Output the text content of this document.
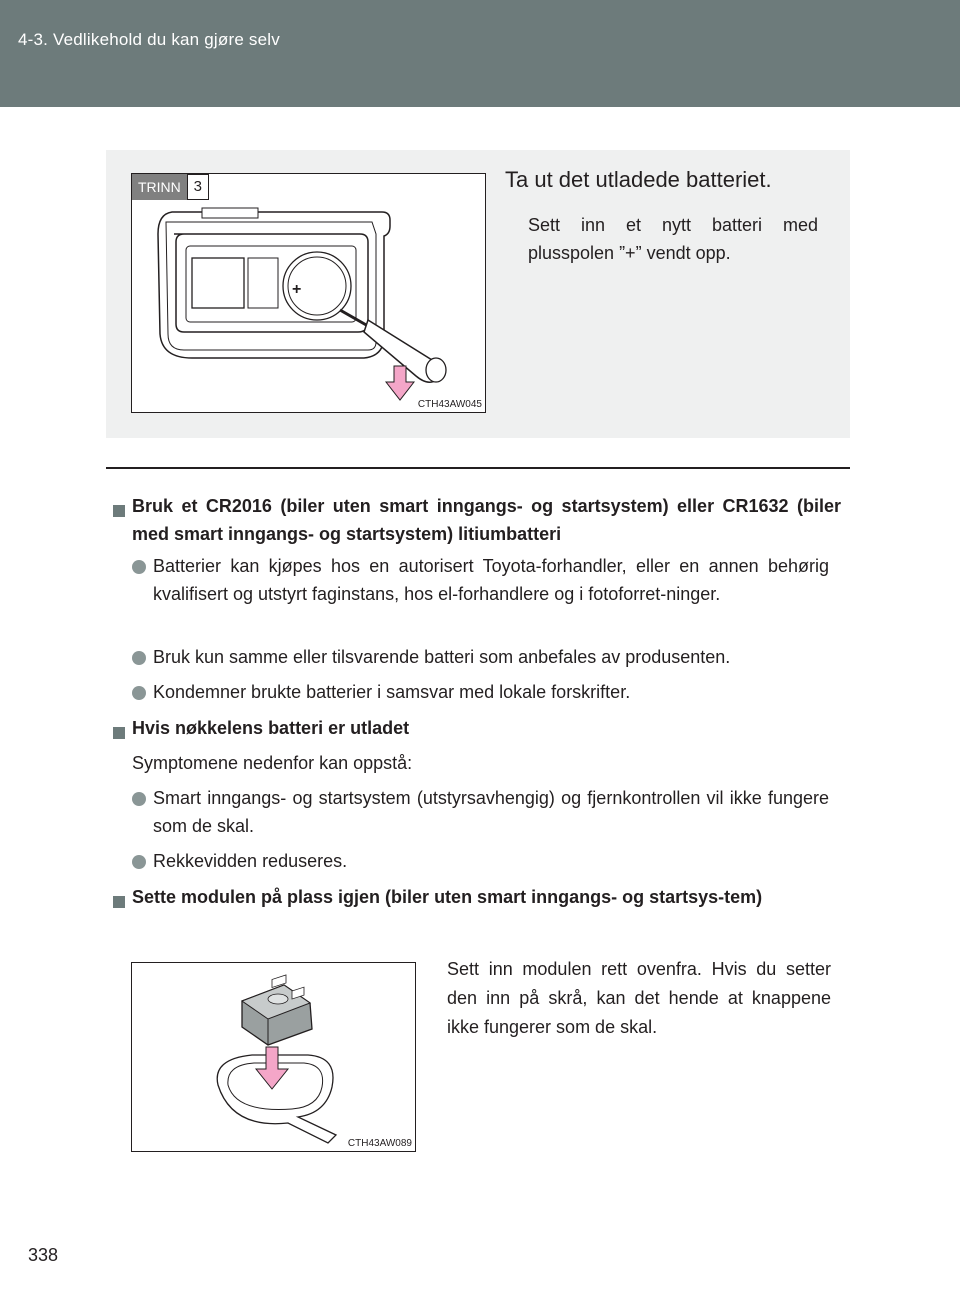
4-3. Vedlikehold du kan gjøre selv
TRINN 3
+
CTH43AW045
Ta ut det utladede batteriet.
Sett inn et nytt batteri med plusspolen ”+” vendt opp.
Bruk et CR2016 (biler uten smart inngangs- og startsystem) eller CR1632 (biler med smart inngangs- og startsystem) litiumbatteri
Batterier kan kjøpes hos en autorisert Toyota-forhandler, eller en annen behørig kvalifisert og utstyrt faginstans, hos el-forhandlere og i fotoforret-ninger.
Bruk kun samme eller tilsvarende batteri som anbefales av produsenten.
Kondemner brukte batterier i samsvar med lokale forskrifter.
Hvis nøkkelens batteri er utladet
Symptomene nedenfor kan oppstå:
Smart inngangs- og startsystem (utstyrsavhengig) og fjernkontrollen vil ikke fungere som de skal.
Rekkevidden reduseres.
Sette modulen på plass igjen (biler uten smart inngangs- og startsys-tem)
CTH43AW089
Sett inn modulen rett ovenfra. Hvis du setter den inn på skrå, kan det hende at knappene ikke fungerer som de skal.
338
